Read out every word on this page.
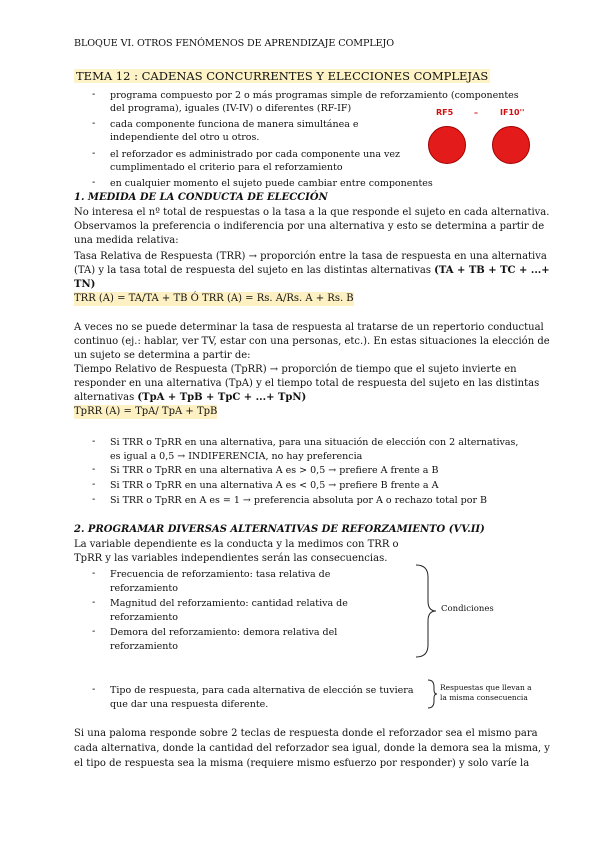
BLOQUE VI. OTROS FENÓMENOS DE APRENDIZAJE COMPLEJO
TEMA 12 : CADENAS CONCURRENTES Y ELECCIONES COMPLEJAS
- programa compuesto por 2 o más programas simple de reforzamiento (componentes
del programa), iguales (IV-IV) o diferentes (RF-IF)
- cada componente funciona de manera simultánea e
independiente del otro u otros.
- el reforzador es administrado por cada componente una vez
cumplimentado el criterio para el reforzamiento
- en cualquier momento el sujeto puede cambiar entre componentes
RF5	–	IF10''
1. MEDIDA DE LA CONDUCTA DE ELECCIÓN
No interesa el nº total de respuestas o la tasa a la que responde el sujeto en cada alternativa.
Observamos la preferencia o indiferencia por una alternativa y esto se determina a partir de
una medida relativa:
Tasa Relativa de Respuesta (TRR) → proporción entre la tasa de respuesta en una alternativa
(TA) y la tasa total de respuesta del sujeto en las distintas alternativas (TA + TB + TC + ...+
TN)
TRR (A) = TA/TA + TB Ó TRR (A) = Rs. A/Rs. A + Rs. B
A veces no se puede determinar la tasa de respuesta al tratarse de un repertorio conductual
continuo (ej.: hablar, ver TV, estar con una personas, etc.). En estas situaciones la elección de
un sujeto se determina a partir de:
Tiempo Relativo de Respuesta (TpRR) → proporción de tiempo que el sujeto invierte en
responder en una alternativa (TpA) y el tiempo total de respuesta del sujeto en las distintas
alternativas (TpA + TpB + TpC + ...+ TpN)
TpRR (A) = TpA/ TpA + TpB
- Si TRR o TpRR en una alternativa, para una situación de elección con 2 alternativas,
es igual a 0,5 → INDIFERENCIA, no hay preferencia
- Si TRR o TpRR en una alternativa A es > 0,5 → prefiere A frente a B
- Si TRR o TpRR en una alternativa A es < 0,5 → prefiere B frente a A
- Si TRR o TpRR en A es = 1 → preferencia absoluta por A o rechazo total por B
2. PROGRAMAR DIVERSAS ALTERNATIVAS DE REFORZAMIENTO (VV.II)
La variable dependiente es la conducta y la medimos con TRR o
TpRR y las variables independientes serán las consecuencias.
- Frecuencia de reforzamiento: tasa relativa de
reforzamiento
- Magnitud del reforzamiento: cantidad relativa de
reforzamiento
- Demora del reforzamiento: demora relativa del
reforzamiento
Condiciones
- Tipo de respuesta, para cada alternativa de elección se tuviera
que dar una respuesta diferente.
Respuestas que llevan a
la misma consecuencia
Si una paloma responde sobre 2 teclas de respuesta donde el reforzador sea el mismo para
cada alternativa, donde la cantidad del reforzador sea igual, donde la demora sea la misma, y
el tipo de respuesta sea la misma (requiere mismo esfuerzo por responder) y solo varíe la
